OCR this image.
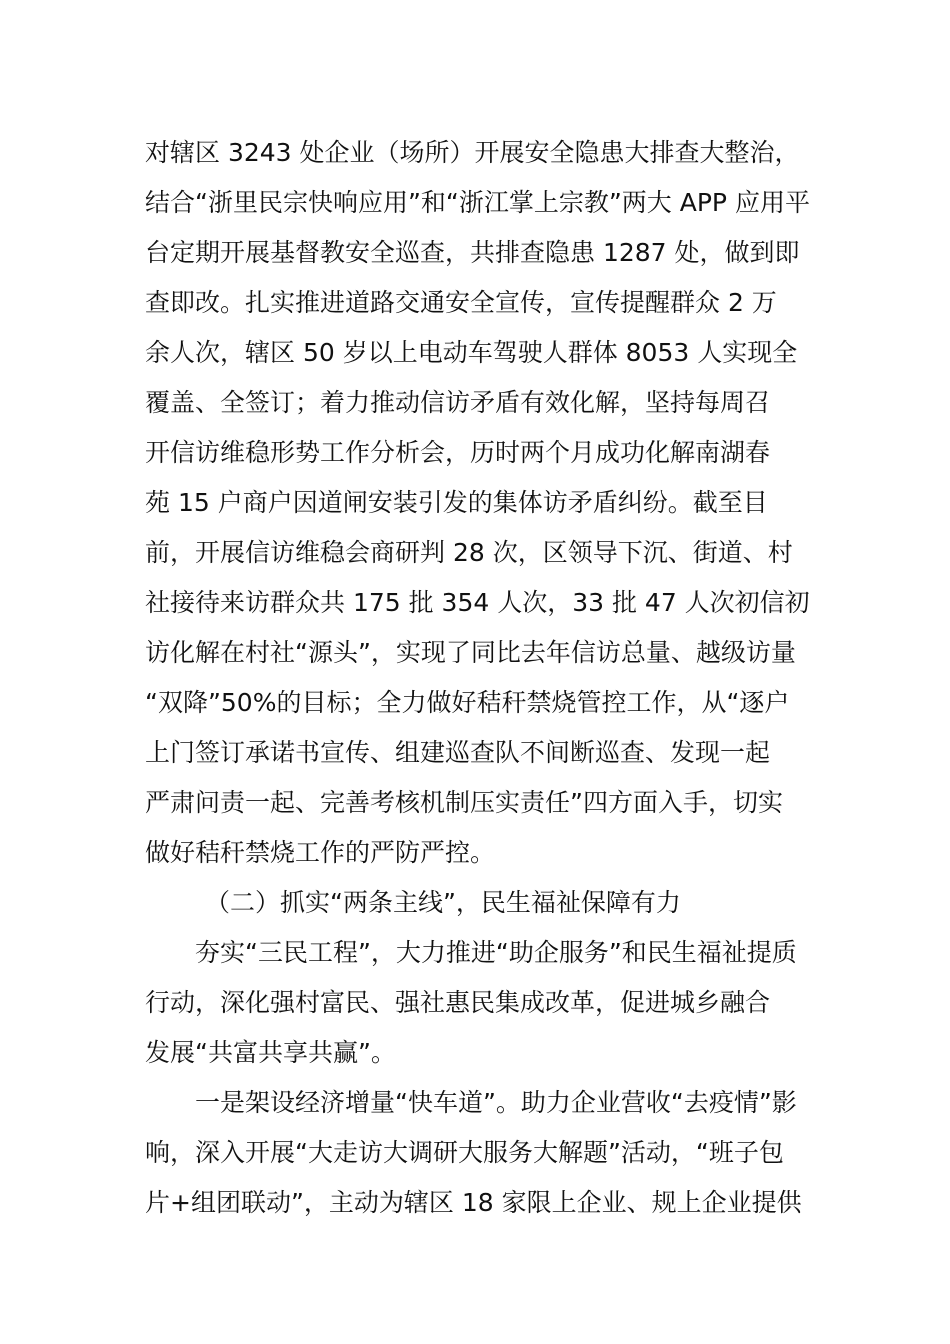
对辖区 3243 处企业（场所）开展安全隐患大排查大整治，
结合“浙里民宗快响应用”和“浙江掌上宗教”两大 APP 应用平
台定期开展基督教安全巡查，共排查隐患 1287 处，做到即
查即改。扎实推进道路交通安全宣传，宣传提醒群众 2 万
余人次，辖区 50 岁以上电动车驾驶人群体 8053 人实现全
覆盖、全签订；着力推动信访矛盾有效化解，坚持每周召
开信访维稳形势工作分析会，历时两个月成功化解南湖春
苑 15 户商户因道闸安装引发的集体访矛盾纠纷。截至目
前，开展信访维稳会商研判 28 次，区领导下沉、街道、村
社接待来访群众共 175 批 354 人次，33 批 47 人次初信初
访化解在村社“源头”，实现了同比去年信访总量、越级访量
“双降”50%的目标；全力做好秸秆禁烧管控工作，从“逐户
上门签订承诺书宣传、组建巡查队不间断巡查、发现一起
严肃问责一起、完善考核机制压实责任”四方面入手，切实
做好秸秆禁烧工作的严防严控。
（二）抓实“两条主线”，民生福祉保障有力
夯实“三民工程”，大力推进“助企服务”和民生福祉提质
行动，深化强村富民、强社惠民集成改革，促进城乡融合
发展“共富共享共赢”。
一是架设经济增量“快车道”。助力企业营收“去疫情”影
响，深入开展“大走访大调研大服务大解题”活动，“班子包
片+组团联动”，主动为辖区 18 家限上企业、规上企业提供
